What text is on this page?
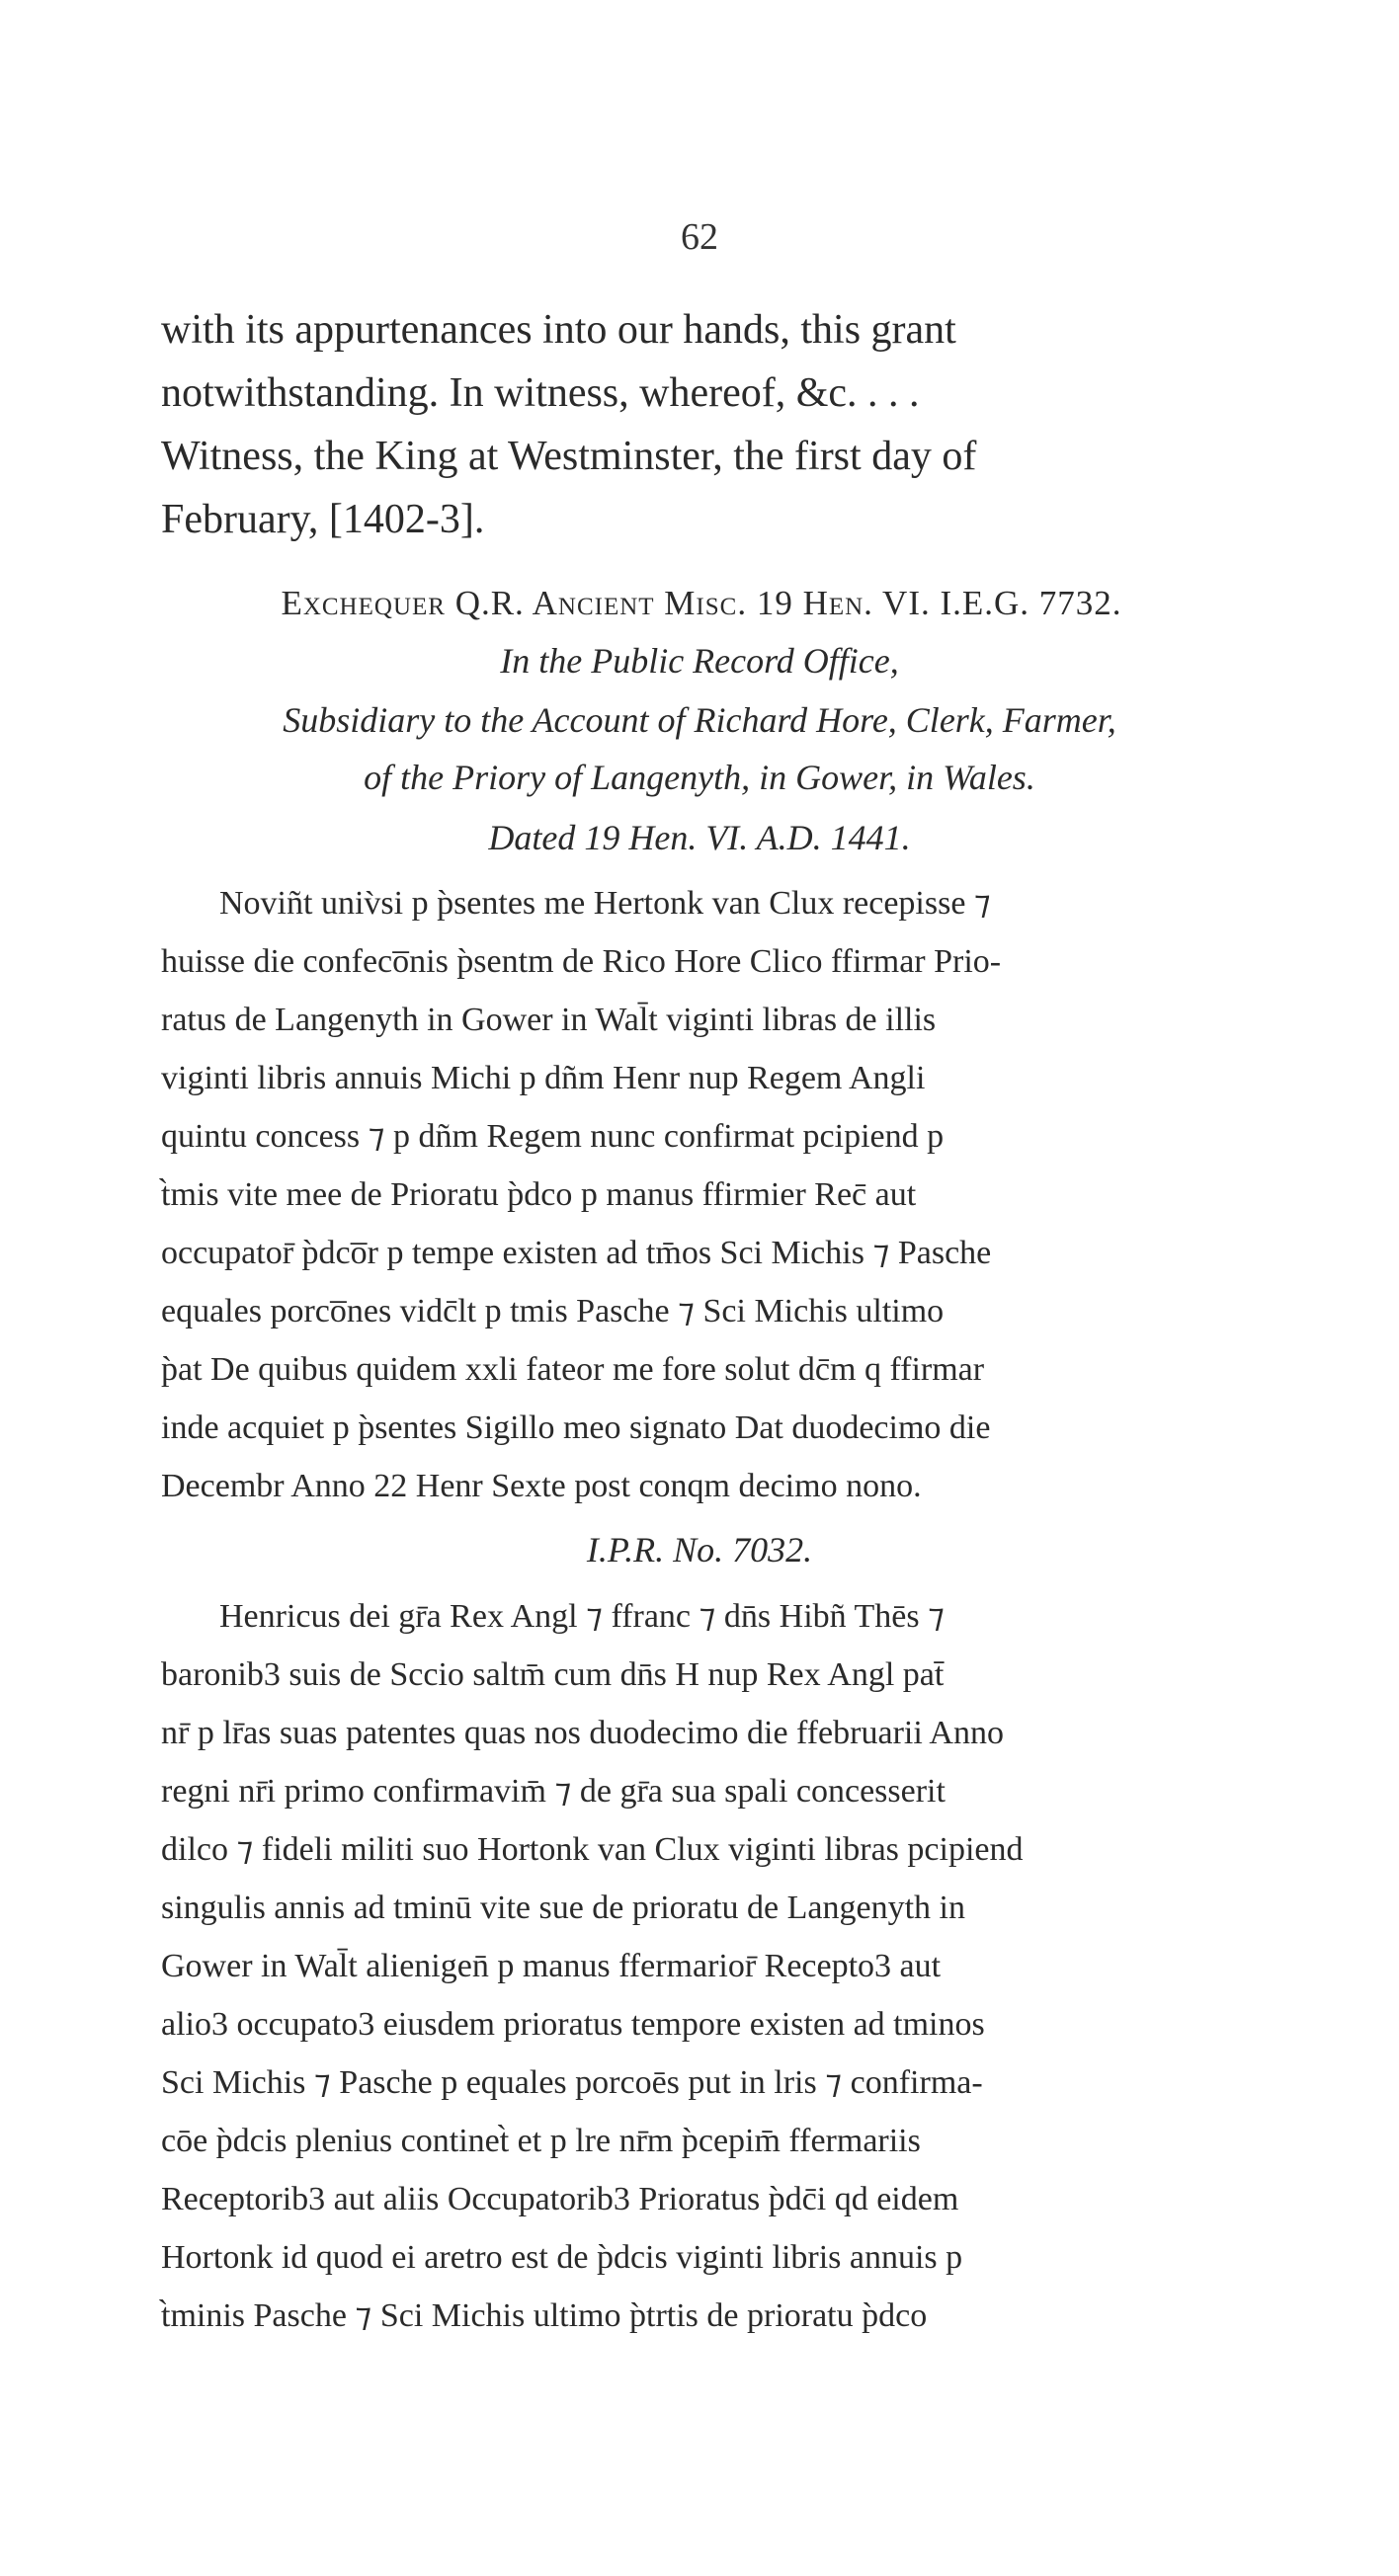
62
with its appurtenances into our hands, this grant
notwithstanding. In witness, whereof, &c. . . .
Witness, the King at Westminster, the first day of
February, [1402-3].
Exchequer Q.R. Ancient Misc. 19 Hen. VI. I.E.G. 7732.
In the Public Record Office,
Subsidiary to the Account of Richard Hore, Clerk, Farmer,
of the Priory of Langenyth, in Gower, in Wales.
Dated 19 Hen. VI. A.D. 1441.
Noviñt univ̀si p p̀sentes me Hertonk van Clux recepisse ⁊
huisse die confeco̅nis p̀sentm de Rico Hore Clico ffirmar Prio-
ratus de Langenyth in Gower in Wal̄t viginti libras de illis
viginti libris annuis Michi p dñm Henr nup Regem Angli
quintu concess ⁊ p dñm Regem nunc confirmat pcipiend p
t̀mis vite mee de Prioratu p̀dco p manus ffirmier Rec̄ aut
occupator̄ p̀dco̅r p tempe existen ad tm̄os Sci Michis ⁊ Pasche
equales porco̅nes vidc̄lt p tmis Pasche ⁊ Sci Michis ultimo
p̀at De quibus quidem xxli fateor me fore solut dc̄m q ffirmar
inde acquiet p p̀sentes Sigillo meo signato Dat duodecimo die
Decembr Anno 22 Henr Sexte post conqm decimo nono.
I.P.R. No. 7032.
Henricus dei gr̄a Rex Angl ⁊ ffranc ⁊ dn̄s Hibñ Thēs ⁊
baronib3 suis de Sccio saltm̄ cum dn̄s H nup Rex Angl pat̄
nr̄ p lr̄as suas patentes quas nos duodecimo die ffebruarii Anno
regni nr̄i primo confirmavim̄ ⁊ de gr̄a sua spali concesserit
dilco ⁊ fideli militi suo Hortonk van Clux viginti libras pcipiend
singulis annis ad tminū vite sue de prioratu de Langenyth in
Gower in Wal̄t alienigen̄ p manus ffermarior̄ Recepto3 aut
alio3 occupato3 eiusdem prioratus tempore existen ad tminos
Sci Michis ⁊ Pasche p equales porcoēs put in lris ⁊ confirma-
cōe p̀dcis plenius continet̀ et p lre nr̄m p̀cepim̄ ffermariis
Receptorib3 aut aliis Occupatorib3 Prioratus p̀dc̄i qd eidem
Hortonk id quod ei aretro est de p̀dcis viginti libris annuis p
t̀minis Pasche ⁊ Sci Michis ultimo p̀trtis de prioratu p̀dco
